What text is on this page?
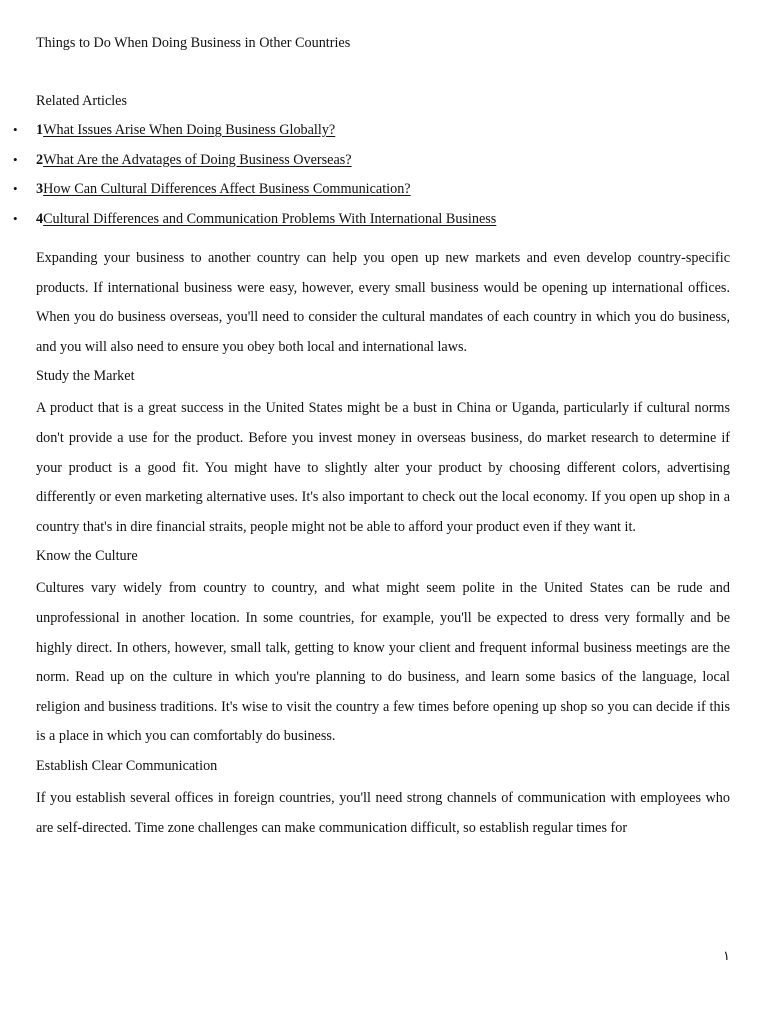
Things to Do When Doing Business in Other Countries
Related Articles
• 1What Issues Arise When Doing Business Globally?
• 2What Are the Advatages of Doing Business Overseas?
• 3How Can Cultural Differences Affect Business Communication?
• 4Cultural Differences and Communication Problems With International Business

Expanding your business to another country can help you open up new markets and even develop country-specific products. If international business were easy, however, every small business would be opening up international offices. When you do business overseas, you'll need to consider the cultural mandates of each country in which you do business, and you will also need to ensure you obey both local and international laws.

Study the Market

A product that is a great success in the United States might be a bust in China or Uganda, particularly if cultural norms don't provide a use for the product. Before you invest money in overseas business, do market research to determine if your product is a good fit. You might have to slightly alter your product by choosing different colors, advertising differently or even marketing alternative uses. It's also important to check out the local economy. If you open up shop in a country that's in dire financial straits, people might not be able to afford your product even if they want it.

Know the Culture

Cultures vary widely from country to country, and what might seem polite in the United States can be rude and unprofessional in another location. In some countries, for example, you'll be expected to dress very formally and be highly direct. In others, however, small talk, getting to know your client and frequent informal business meetings are the norm. Read up on the culture in which you're planning to do business, and learn some basics of the language, local religion and business traditions. It's wise to visit the country a few times before opening up shop so you can decide if this is a place in which you can comfortably do business.

Establish Clear Communication

If you establish several offices in foreign countries, you'll need strong channels of communication with employees who are self-directed. Time zone challenges can make communication difficult, so establish regular times for

١
